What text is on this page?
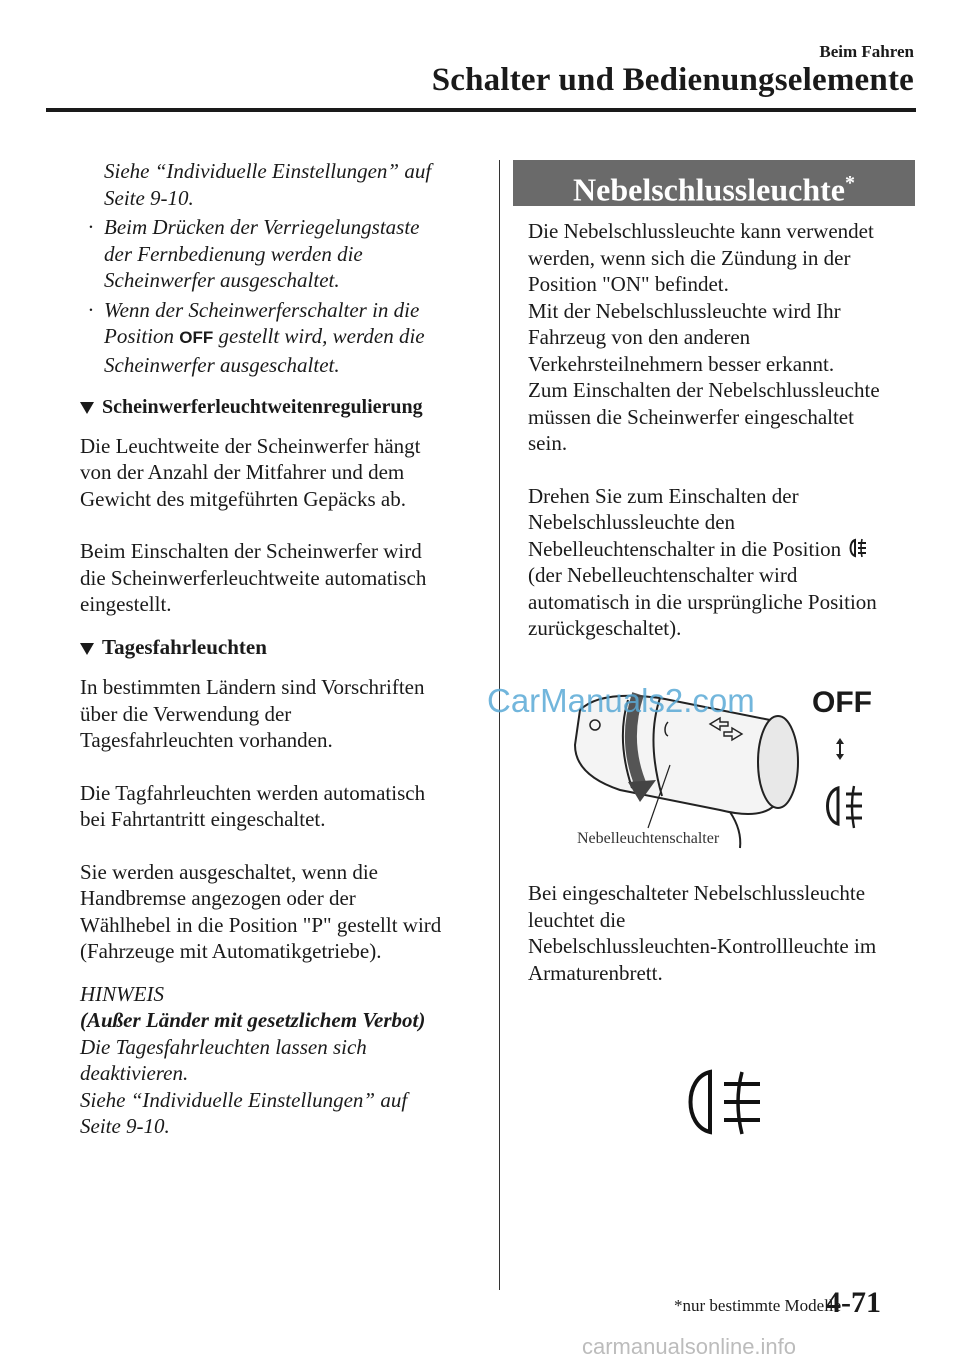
Beim Fahren
Schalter und Bedienungselemente

Siehe “Individuelle Einstellungen” auf

Seite 9-10.

· Beim Drücken der Verriegelungstaste

der Fernbedienung werden die

Scheinwerfer ausgeschaltet.

· Wenn der Scheinwerferschalter in die

Position OFF gestellt wird, werden die

Scheinwerfer ausgeschaltet.

Scheinwerferleuchtweitenregulierung

Die Leuchtweite der Scheinwerfer hängt

von der Anzahl der Mitfahrer und dem

Gewicht des mitgeführten Gepäcks ab.

Beim Einschalten der Scheinwerfer wird

die Scheinwerferleuchtweite automatisch

eingestellt.

Tagesfahrleuchten

In bestimmten Ländern sind Vorschriften

über die Verwendung der

Tagesfahrleuchten vorhanden.

Die Tagfahrleuchten werden automatisch

bei Fahrtantritt eingeschaltet.

Sie werden ausgeschaltet, wenn die

Handbremse angezogen oder der

Wählhebel in die Position "P" gestellt wird

(Fahrzeuge mit Automatikgetriebe).

HINWEIS

(Außer Länder mit gesetzlichem Verbot)

Die Tagesfahrleuchten lassen sich

deaktivieren.

Siehe “Individuelle Einstellungen” auf

Seite 9-10.

Nebelschlussleuchte*

Die Nebelschlussleuchte kann verwendet

werden, wenn sich die Zündung in der

Position "ON" befindet.

Mit der Nebelschlussleuchte wird Ihr

Fahrzeug von den anderen

Verkehrsteilnehmern besser erkannt.

Zum Einschalten der Nebelschlussleuchte

müssen die Scheinwerfer eingeschaltet

sein.

Drehen Sie zum Einschalten der

Nebelschlussleuchte den

Nebelleuchtenschalter in die Position

(der Nebelleuchtenschalter wird

automatisch in die ursprüngliche Position

zurückgeschaltet).

OFF
Nebelleuchtenschalter

Bei eingeschalteter Nebelschlussleuchte

leuchtet die

Nebelschlussleuchten-Kontrollleuchte im

Armaturenbrett.

CarManuals2.com
*nur bestimmte Modelle
4-71
carmanualsonline.info
